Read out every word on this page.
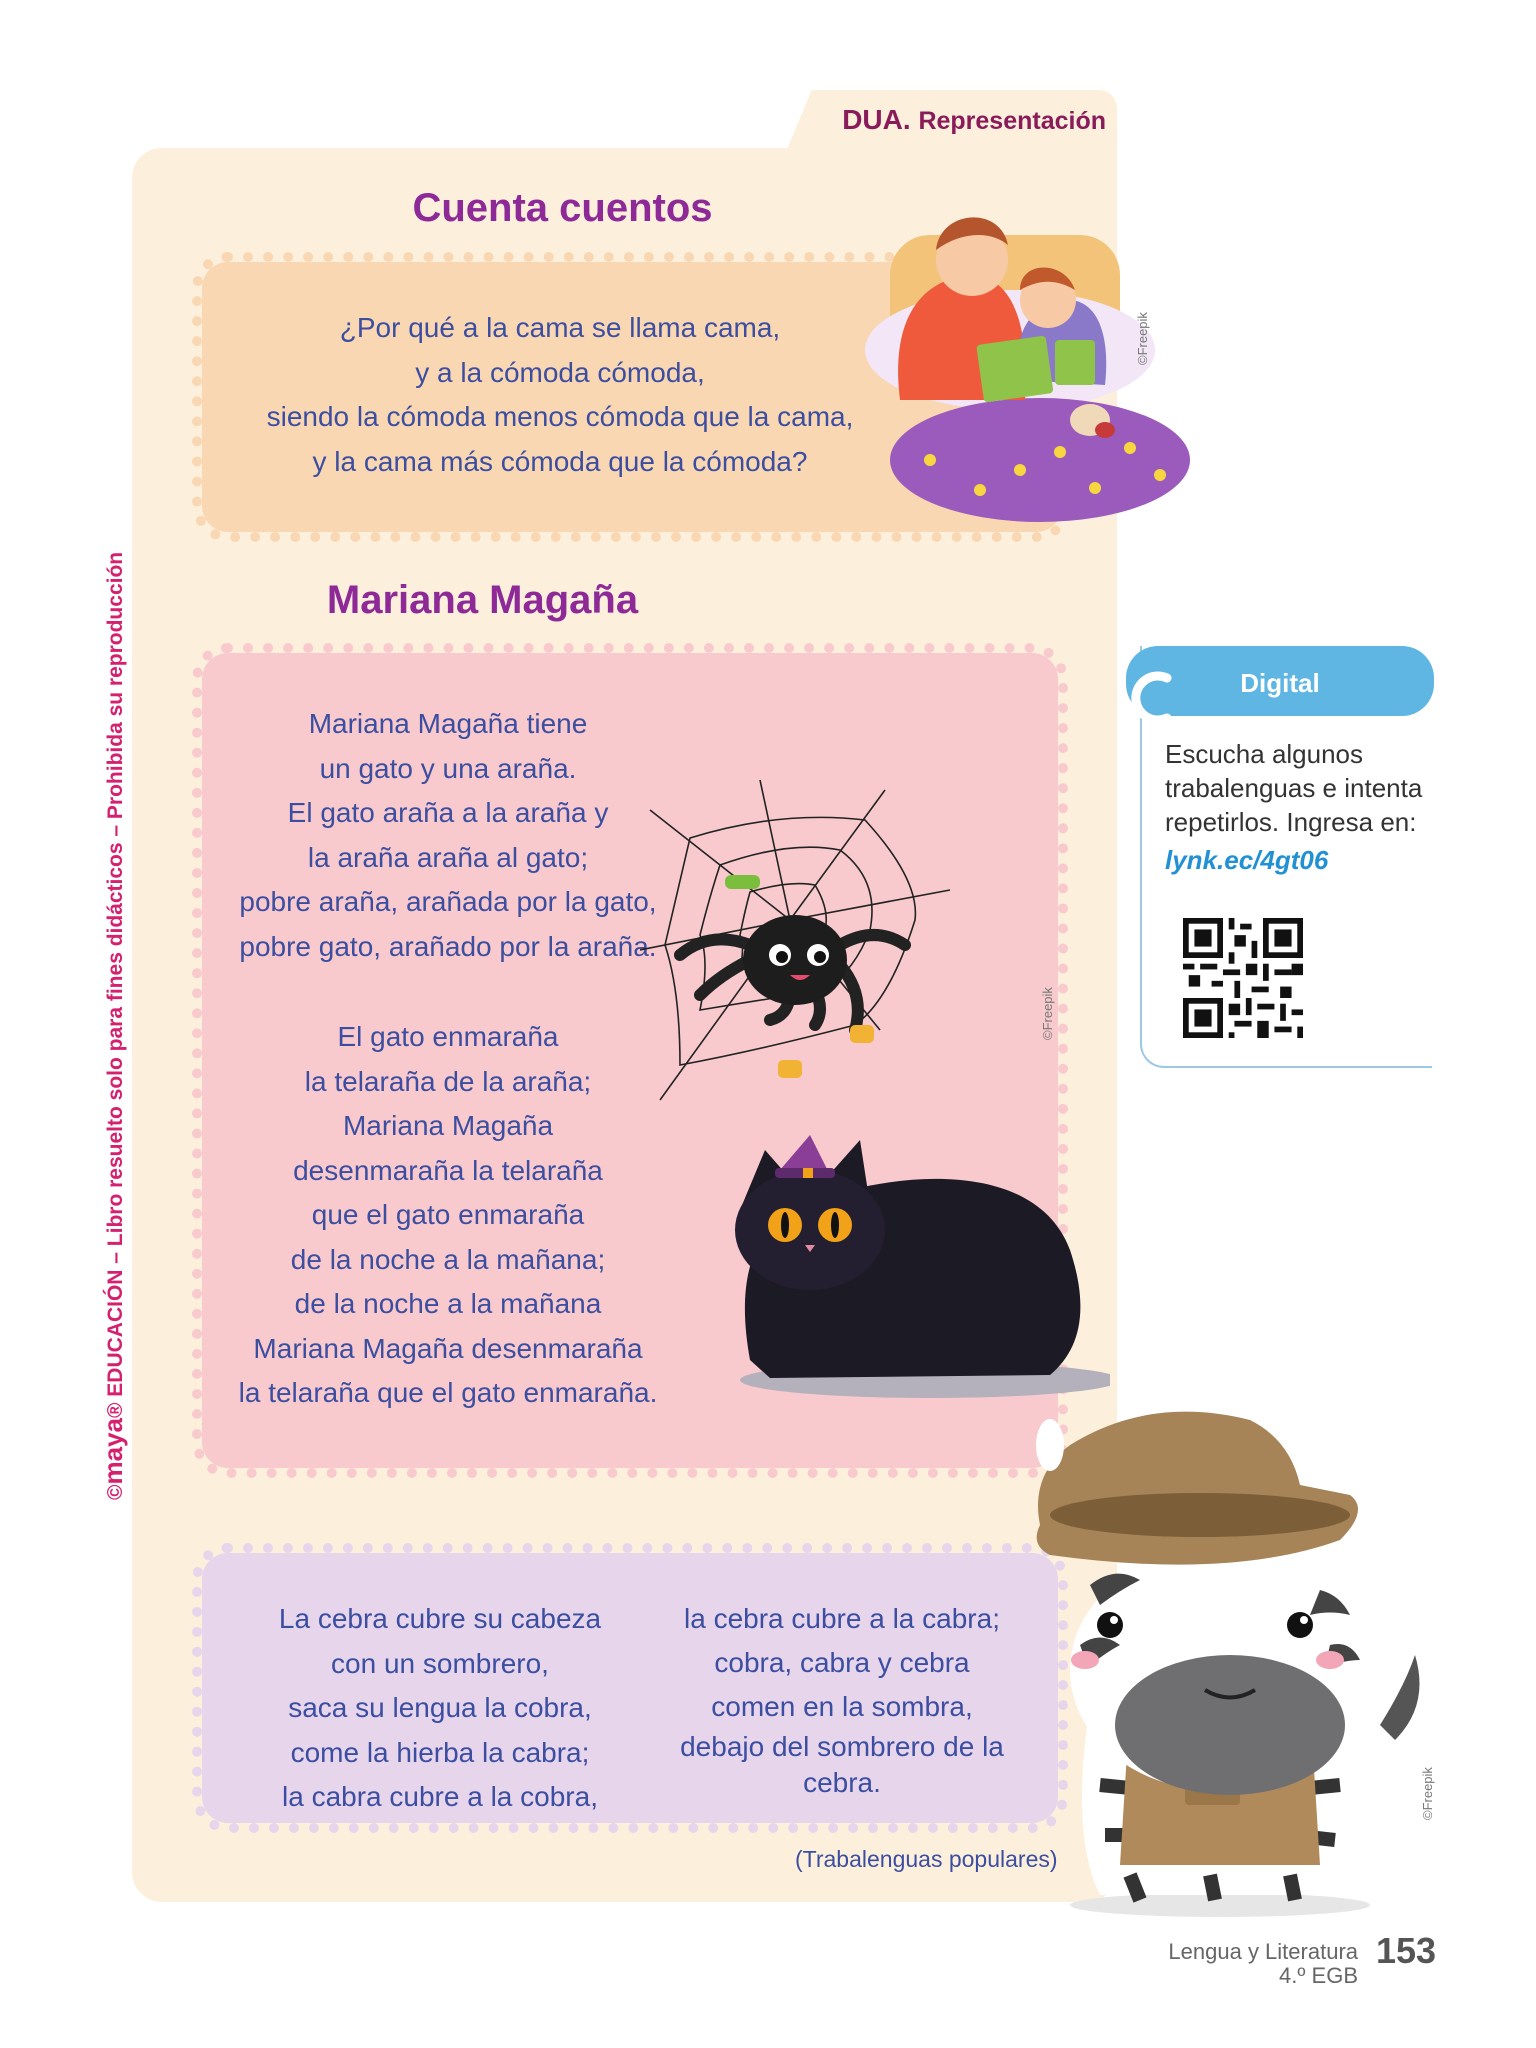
DUA. Representación
Cuenta cuentos

¿Por qué a la cama se llama cama,

y a la cómoda cómoda,

siendo la cómoda menos cómoda que la cama,

y la cama más cómoda que la cómoda?

©Freepik
Mariana Magaña

Mariana Magaña tiene

un gato y una araña.

El gato araña a la araña y

la araña araña al gato;

pobre araña, arañada por la gato,

pobre gato, arañado por la araña.

El gato enmaraña

la telaraña de la araña;

Mariana Magaña

desenmaraña la telaraña

que el gato enmaraña

de la noche a la mañana;

de la noche a la mañana

Mariana Magaña desenmaraña

la telaraña que el gato enmaraña.

©Freepik

La cebra cubre su cabeza

con un sombrero,

saca su lengua la cobra,

come la hierba la cabra;

la cabra cubre a la cobra,

la cebra cubre a la cabra;

cobra, cabra y cebra

comen en la sombra,

debajo del sombrero de la cebra.

(Trabalenguas populares)
©Freepik
Digital
Escucha algunos trabalenguas e intenta repetirlos. Ingresa en:
lynk.ec/4gt06
©maya® EDUCACIÓN – Libro resuelto solo para fines didácticos – Prohibida su reproducción
Lengua y Literatura
4.º EGB
153
